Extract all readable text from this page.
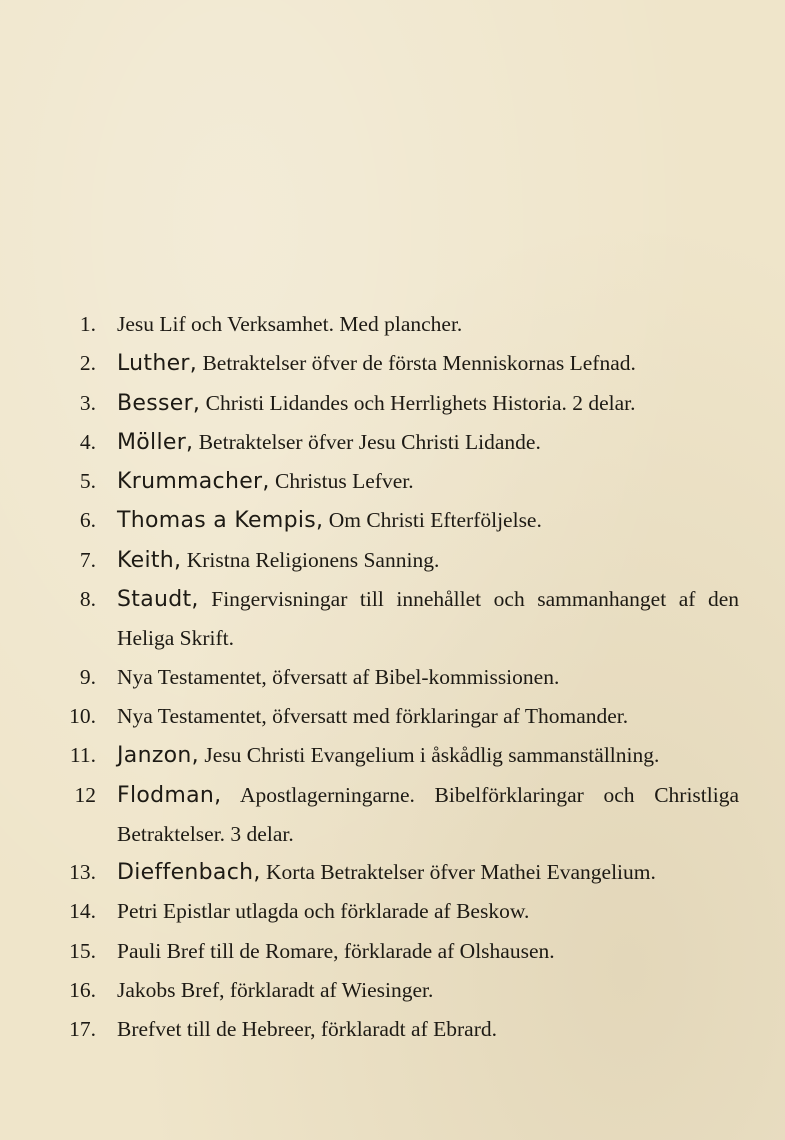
1. Jesu Lif och Verksamhet. Med plancher.
2. Luther, Betraktelser öfver de första Menniskornas Lefnad.
3. Besser, Christi Lidandes och Herrlighets Historia. 2 delar.
4. Möller, Betraktelser öfver Jesu Christi Lidande.
5. Krummacher, Christus Lefver.
6. Thomas a Kempis, Om Christi Efterföljelse.
7. Keith, Kristna Religionens Sanning.
8. Staudt, Fingervisningar till innehållet och sammanhanget af den Heliga Skrift.
9. Nya Testamentet, öfversatt af Bibel-kommissionen.
10. Nya Testamentet, öfversatt med förklaringar af Thomander.
11. Janzon, Jesu Christi Evangelium i åskådlig sammanställning.
12 Flodman, Apostlagerningarne. Bibelförklaringar och Christliga Betraktelser. 3 delar.
13. Dieffenbach, Korta Betraktelser öfver Mathei Evangelium.
14. Petri Epistlar utlagda och förklarade af Beskow.
15. Pauli Bref till de Romare, förklarade af Olshausen.
16. Jakobs Bref, förklaradt af Wiesinger.
17. Brefvet till de Hebreer, förklaradt af Ebrard.
